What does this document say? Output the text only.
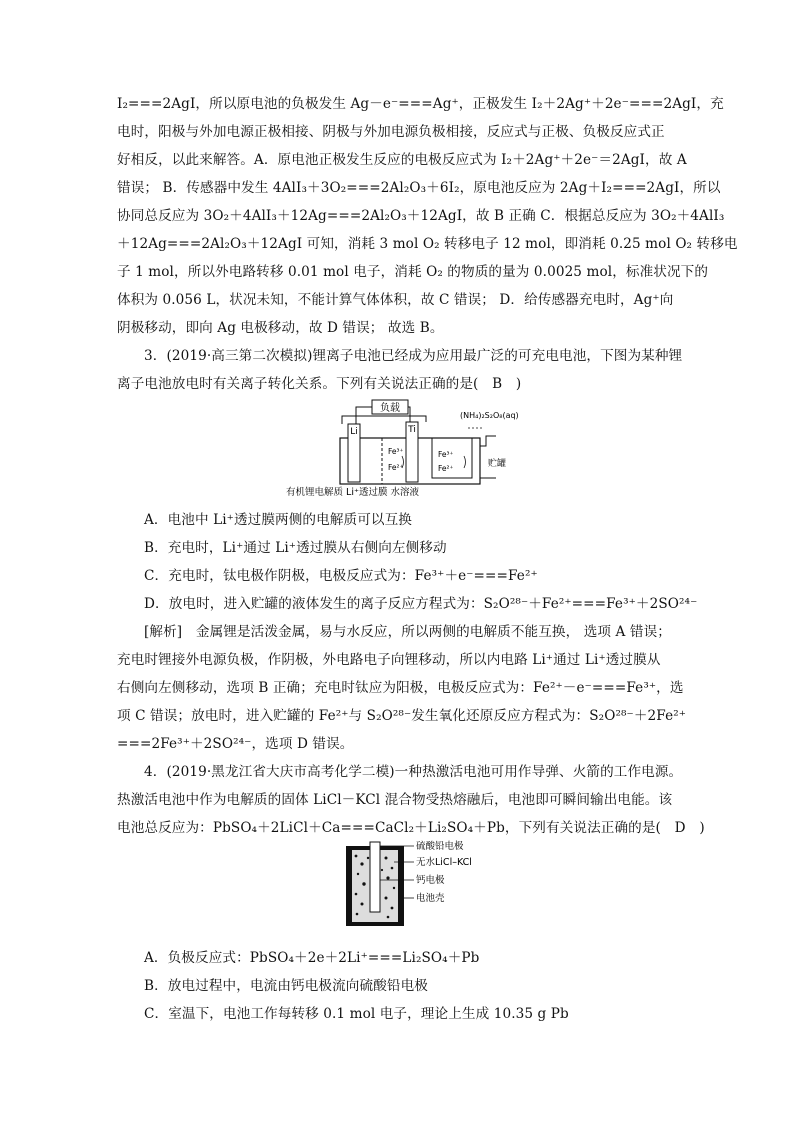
I₂===2AgI，所以原电池的负极发生 Ag－e⁻===Ag⁺，正极发生 I₂＋2Ag⁺＋2e⁻===2AgI，充
电时，阳极与外加电源正极相接、阴极与外加电源负极相接，反应式与正极、负极反应式正
好相反，以此来解答。A．原电池正极发生反应的电极反应式为 I₂＋2Ag⁺＋2e⁻＝2AgI，故 A
错误； B．传感器中发生 4AlI₃＋3O₂===2Al₂O₃＋6I₂，原电池反应为 2Ag＋I₂===2AgI，所以
协同总反应为 3O₂＋4AlI₃＋12Ag===2Al₂O₃＋12AgI，故 B 正确 C．根据总反应为 3O₂＋4AlI₃
＋12Ag===2Al₂O₃＋12AgI 可知，消耗 3 mol O₂ 转移电子 12 mol，即消耗 0.25 mol O₂ 转移电
子 1 mol，所以外电路转移 0.01 mol 电子，消耗 O₂ 的物质的量为 0.0025 mol，标准状况下的
体积为 0.056 L，状况未知，不能计算气体体积，故 C 错误； D．给传感器充电时，Ag⁺向
阴极移动，即向 Ag 电极移动，故 D 错误； 故选 B。
3．(2019·高三第二次模拟)锂离子电池已经成为应用最广泛的可充电电池，下图为某种锂
离子电池放电时有关离子转化关系。下列有关说法正确的是(　B　)
负载
Li	Ti
Fe³⁺
Fe²⁺
Fe³⁺
Fe²⁺	贮罐
(NH₄)₂S₂O₈(aq)
有机锂电解质 Li⁺透过膜 水溶液
A．电池中 Li⁺透过膜两侧的电解质可以互换
B．充电时，Li⁺通过 Li⁺透过膜从右侧向左侧移动
C．充电时，钛电极作阴极，电极反应式为：Fe³⁺＋e⁻===Fe²⁺
D．放电时，进入贮罐的液体发生的离子反应方程式为：S₂O²⁸⁻＋Fe²⁺===Fe³⁺＋2SO²⁴⁻
[解析]　金属锂是活泼金属，易与水反应，所以两侧的电解质不能互换， 选项 A 错误；
充电时锂接外电源负极，作阴极，外电路电子向锂移动，所以内电路 Li⁺通过 Li⁺透过膜从
右侧向左侧移动，选项 B 正确；充电时钛应为阳极，电极反应式为：Fe²⁺－e⁻===Fe³⁺，选
项 C 错误；放电时，进入贮罐的 Fe²⁺与 S₂O²⁸⁻发生氧化还原反应方程式为：S₂O²⁸⁻＋2Fe²⁺
===2Fe³⁺＋2SO²⁴⁻，选项 D 错误。
4．(2019·黑龙江省大庆市高考化学二模)一种热激活电池可用作导弹、火箭的工作电源。
热激活电池中作为电解质的固体 LiCl－KCl 混合物受热熔融后，电池即可瞬间输出电能。该
电池总反应为：PbSO₄＋2LiCl＋Ca===CaCl₂＋Li₂SO₄＋Pb，下列有关说法正确的是(　D　)
硫酸铅电极
无水LiCl–KCl
钙电极
电池壳
A．负极反应式：PbSO₄＋2e＋2Li⁺===Li₂SO₄＋Pb
B．放电过程中，电流由钙电极流向硫酸铅电极
C．室温下，电池工作每转移 0.1 mol 电子，理论上生成 10.35 g Pb
